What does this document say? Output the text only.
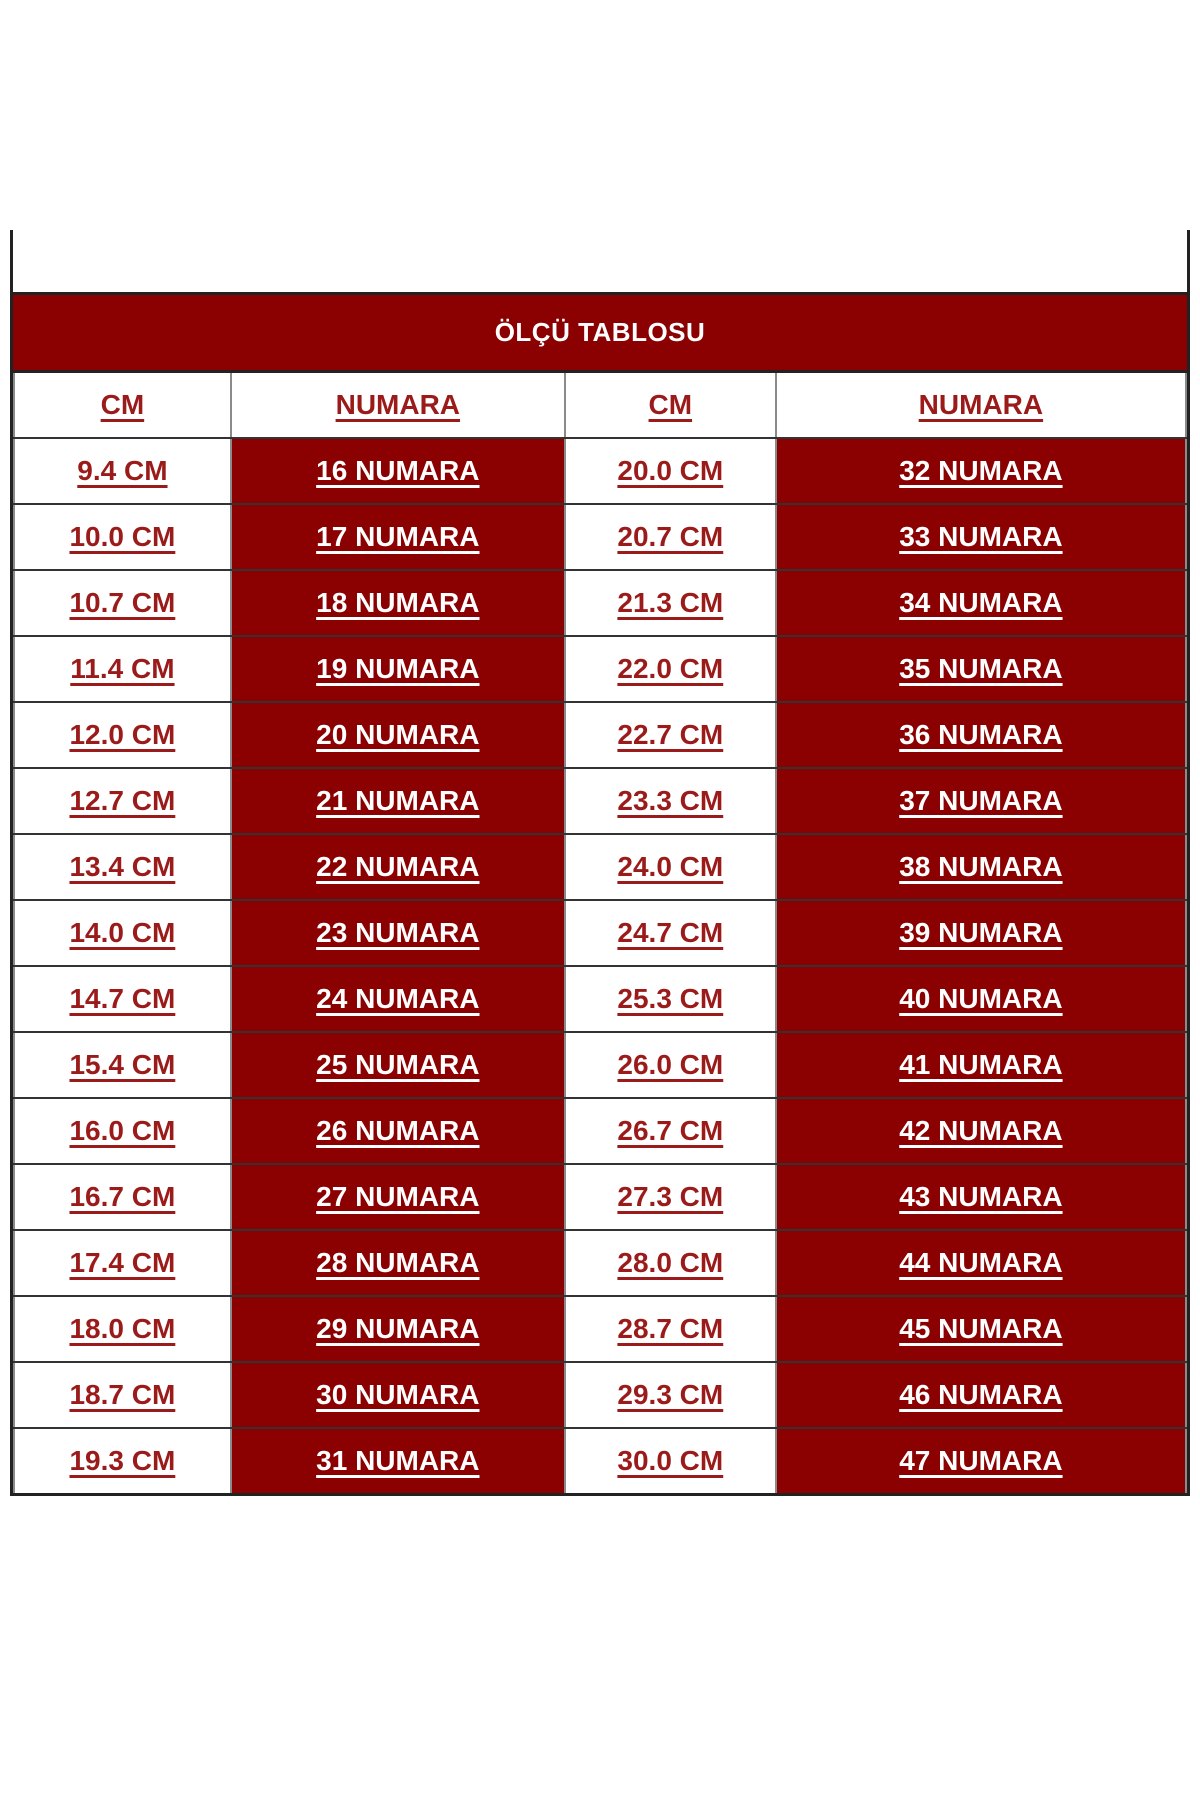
ÖLÇÜ TABLOSU
CM	NUMARA	CM	NUMARA
9.4 CM	16 NUMARA	20.0 CM	32 NUMARA
10.0 CM	17 NUMARA	20.7 CM	33 NUMARA
10.7 CM	18 NUMARA	21.3 CM	34 NUMARA
11.4 CM	19 NUMARA	22.0 CM	35 NUMARA
12.0 CM	20 NUMARA	22.7 CM	36 NUMARA
12.7 CM	21 NUMARA	23.3 CM	37 NUMARA
13.4 CM	22 NUMARA	24.0 CM	38 NUMARA
14.0 CM	23 NUMARA	24.7 CM	39 NUMARA
14.7 CM	24 NUMARA	25.3 CM	40 NUMARA
15.4 CM	25 NUMARA	26.0 CM	41 NUMARA
16.0 CM	26 NUMARA	26.7 CM	42 NUMARA
16.7 CM	27 NUMARA	27.3 CM	43 NUMARA
17.4 CM	28 NUMARA	28.0 CM	44 NUMARA
18.0 CM	29 NUMARA	28.7 CM	45 NUMARA
18.7 CM	30 NUMARA	29.3 CM	46 NUMARA
19.3 CM	31 NUMARA	30.0 CM	47 NUMARA
